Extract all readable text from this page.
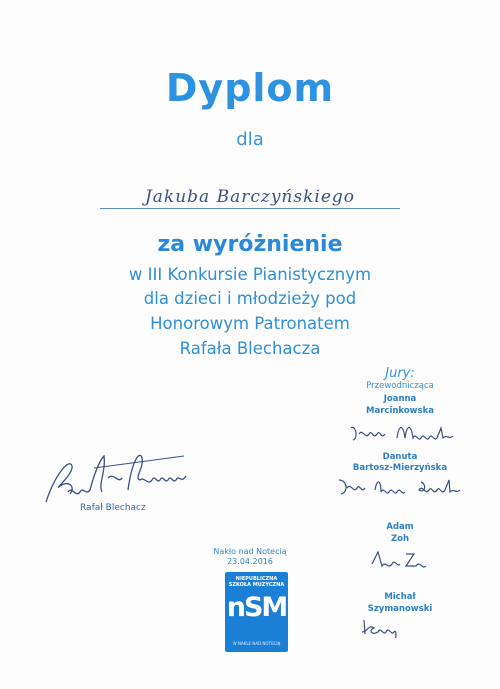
Dyplom
dla
Jakuba Barczyńskiego
za wyróżnienie
w III Konkursie Pianistycznym
dla dzieci i młodzieży pod
Honorowym Patronatem
Rafała Blechacza
Jury:
Przewodnicząca
Joanna
Marcinkowska
Danuta
Bartosz-Mierzyńska
Adam
Zoh
Michał
Szymanowski
Rafał Blechacz
Nakło nad Notecią
23.04.2016
NIEPUBLICZNA SZKOŁA MUZYCZNA
nSM
W NAKLE NAD NOTECIĄ
